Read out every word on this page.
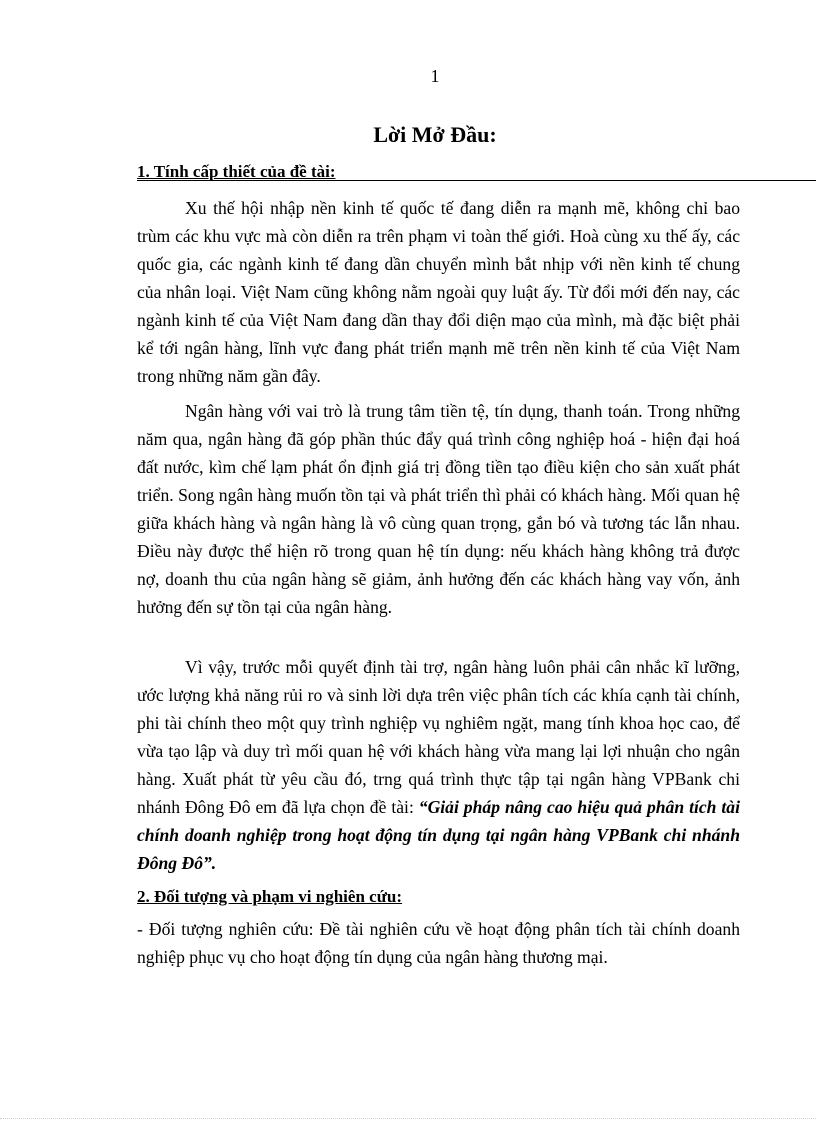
1
Lời Mở Đầu:
1. Tính cấp thiết của đề tài:

Xu thế hội nhập nền kinh tế quốc tế đang diễn ra mạnh mẽ, không chỉ bao trùm các khu vực mà còn diễn ra trên phạm vi toàn thế giới. Hoà cùng xu thế ấy, các quốc gia, các ngành kinh tế đang dần chuyển mình bắt nhịp với nền kinh tế chung của nhân loại. Việt Nam cũng không nằm ngoài quy luật ấy. Từ đổi mới đến nay, các ngành kinh tế của Việt Nam đang dần thay đổi diện mạo của mình, mà đặc biệt phải kể tới ngân hàng, lĩnh vực đang phát triển mạnh mẽ trên nền kinh tế của Việt Nam trong những năm gần đây.

Ngân hàng với vai trò là trung tâm tiền tệ, tín dụng, thanh toán. Trong những năm qua, ngân hàng đã góp phần thúc đẩy quá trình công nghiệp hoá - hiện đại hoá đất nước, kìm chế lạm phát ổn định giá trị đồng tiền tạo điều kiện cho sản xuất phát triển. Song ngân hàng muốn tồn tại và phát triển thì phải có khách hàng. Mối quan hệ giữa khách hàng và ngân hàng là vô cùng quan trọng, gắn bó và tương tác lẫn nhau. Điều này được thể hiện rõ trong quan hệ tín dụng: nếu khách hàng không trả được nợ, doanh thu của ngân hàng sẽ giảm, ảnh hưởng đến các khách hàng vay vốn, ảnh hưởng đến sự tồn tại của ngân hàng.

Vì vậy, trước mỗi quyết định tài trợ, ngân hàng luôn phải cân nhắc kĩ lưỡng, ước lượng khả năng rủi ro và sinh lời dựa trên việc phân tích các khía cạnh tài chính, phi tài chính theo một quy trình nghiệp vụ nghiêm ngặt, mang tính khoa học cao, để vừa tạo lập và duy trì mối quan hệ với khách hàng vừa mang lại lợi nhuận cho ngân hàng. Xuất phát từ yêu cầu đó, trng quá trình thực tập tại ngân hàng VPBank chi nhánh Đông Đô em đã lựa chọn đề tài: “Giải pháp nâng cao hiệu quả phân tích tài chính doanh nghiệp trong hoạt động tín dụng tại ngân hàng VPBank chi nhánh Đông Đô”.

2. Đối tượng và phạm vi nghiên cứu:

- Đối tượng nghiên cứu: Đề tài nghiên cứu về hoạt động phân tích tài chính doanh nghiệp phục vụ cho hoạt động tín dụng của ngân hàng thương mại.
